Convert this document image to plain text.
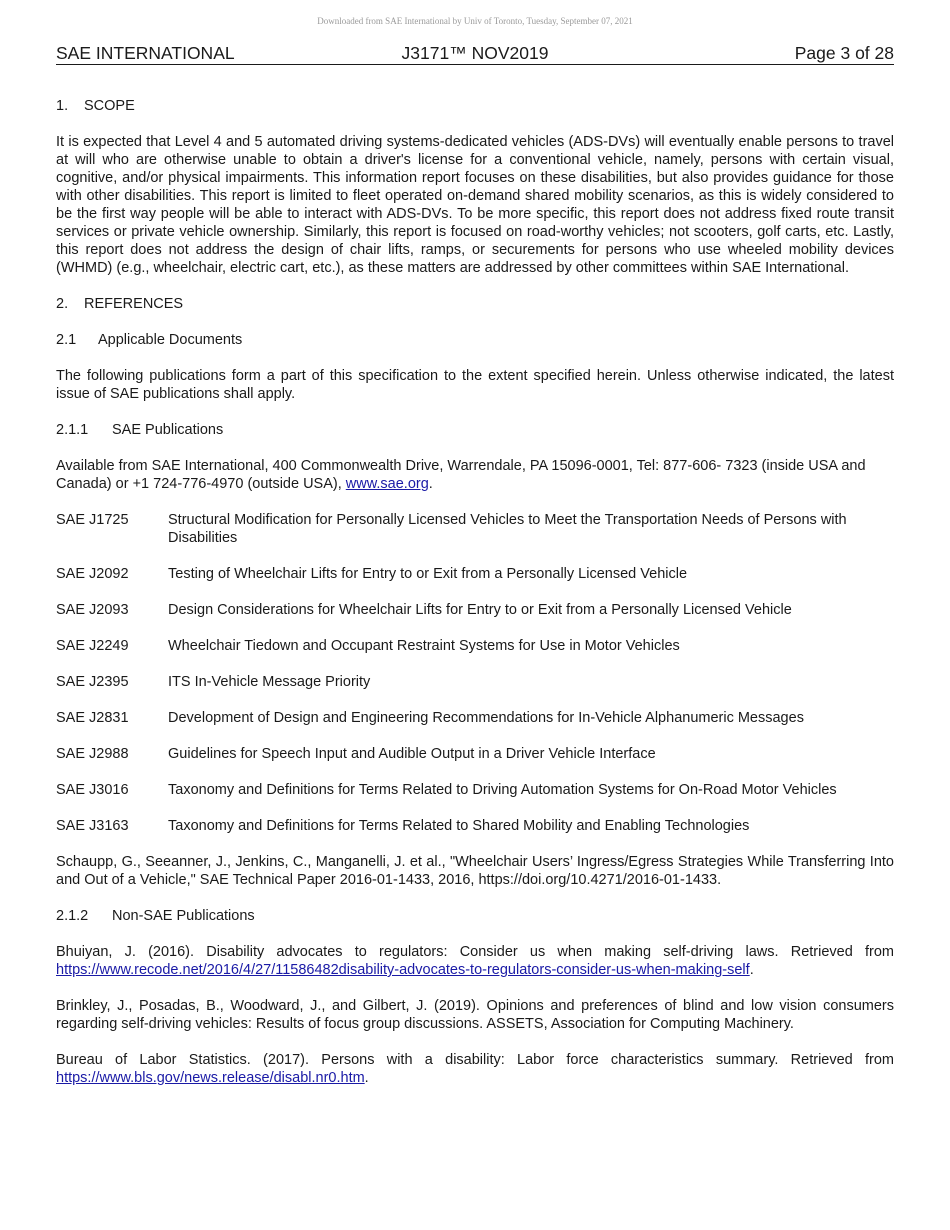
Downloaded from SAE International by Univ of Toronto, Tuesday, September 07, 2021
J3171™ NOV2019
SAE INTERNATIONAL	Page 3 of 28

1.	SCOPE

It is expected that Level 4 and 5 automated driving systems-dedicated vehicles (ADS-DVs) will eventually enable persons to travel at will who are otherwise unable to obtain a driver's license for a conventional vehicle, namely, persons with certain visual, cognitive, and/or physical impairments. This information report focuses on these disabilities, but also provides guidance for those with other disabilities. This report is limited to fleet operated on-demand shared mobility scenarios, as this is widely considered to be the first way people will be able to interact with ADS-DVs. To be more specific, this report does not address fixed route transit services or private vehicle ownership. Similarly, this report is focused on road-worthy vehicles; not scooters, golf carts, etc. Lastly, this report does not address the design of chair lifts, ramps, or securements for persons who use wheeled mobility devices (WHMD) (e.g., wheelchair, electric cart, etc.), as these matters are addressed by other committees within SAE International.

2.	REFERENCES

2.1	Applicable Documents

The following publications form a part of this specification to the extent specified herein. Unless otherwise indicated, the latest issue of SAE publications shall apply.

2.1.1	SAE Publications

Available from SAE International, 400 Commonwealth Drive, Warrendale, PA 15096-0001, Tel: 877-606- 7323 (inside USA and Canada) or +1 724-776-4970 (outside USA), www.sae.org.

SAE J1725	Structural Modification for Personally Licensed Vehicles to Meet the Transportation Needs of Persons with Disabilities
SAE J2092	Testing of Wheelchair Lifts for Entry to or Exit from a Personally Licensed Vehicle
SAE J2093	Design Considerations for Wheelchair Lifts for Entry to or Exit from a Personally Licensed Vehicle
SAE J2249	Wheelchair Tiedown and Occupant Restraint Systems for Use in Motor Vehicles
SAE J2395	ITS In-Vehicle Message Priority
SAE J2831	Development of Design and Engineering Recommendations for In-Vehicle Alphanumeric Messages
SAE J2988	Guidelines for Speech Input and Audible Output in a Driver Vehicle Interface
SAE J3016	Taxonomy and Definitions for Terms Related to Driving Automation Systems for On-Road Motor Vehicles
SAE J3163	Taxonomy and Definitions for Terms Related to Shared Mobility and Enabling Technologies

Schaupp, G., Seeanner, J., Jenkins, C., Manganelli, J. et al., "Wheelchair Users’ Ingress/Egress Strategies While Transferring Into and Out of a Vehicle," SAE Technical Paper 2016-01-1433, 2016, https://doi.org/10.4271/2016-01-1433.

2.1.2	Non-SAE Publications

Bhuiyan, J. (2016). Disability advocates to regulators: Consider us when making self-driving laws. Retrieved from https://www.recode.net/2016/4/27/11586482disability-advocates-to-regulators-consider-us-when-making-self.

Brinkley, J., Posadas, B., Woodward, J., and Gilbert, J. (2019). Opinions and preferences of blind and low vision consumers regarding self-driving vehicles: Results of focus group discussions. ASSETS, Association for Computing Machinery.

Bureau of Labor Statistics. (2017). Persons with a disability: Labor force characteristics summary. Retrieved from https://www.bls.gov/news.release/disabl.nr0.htm.
